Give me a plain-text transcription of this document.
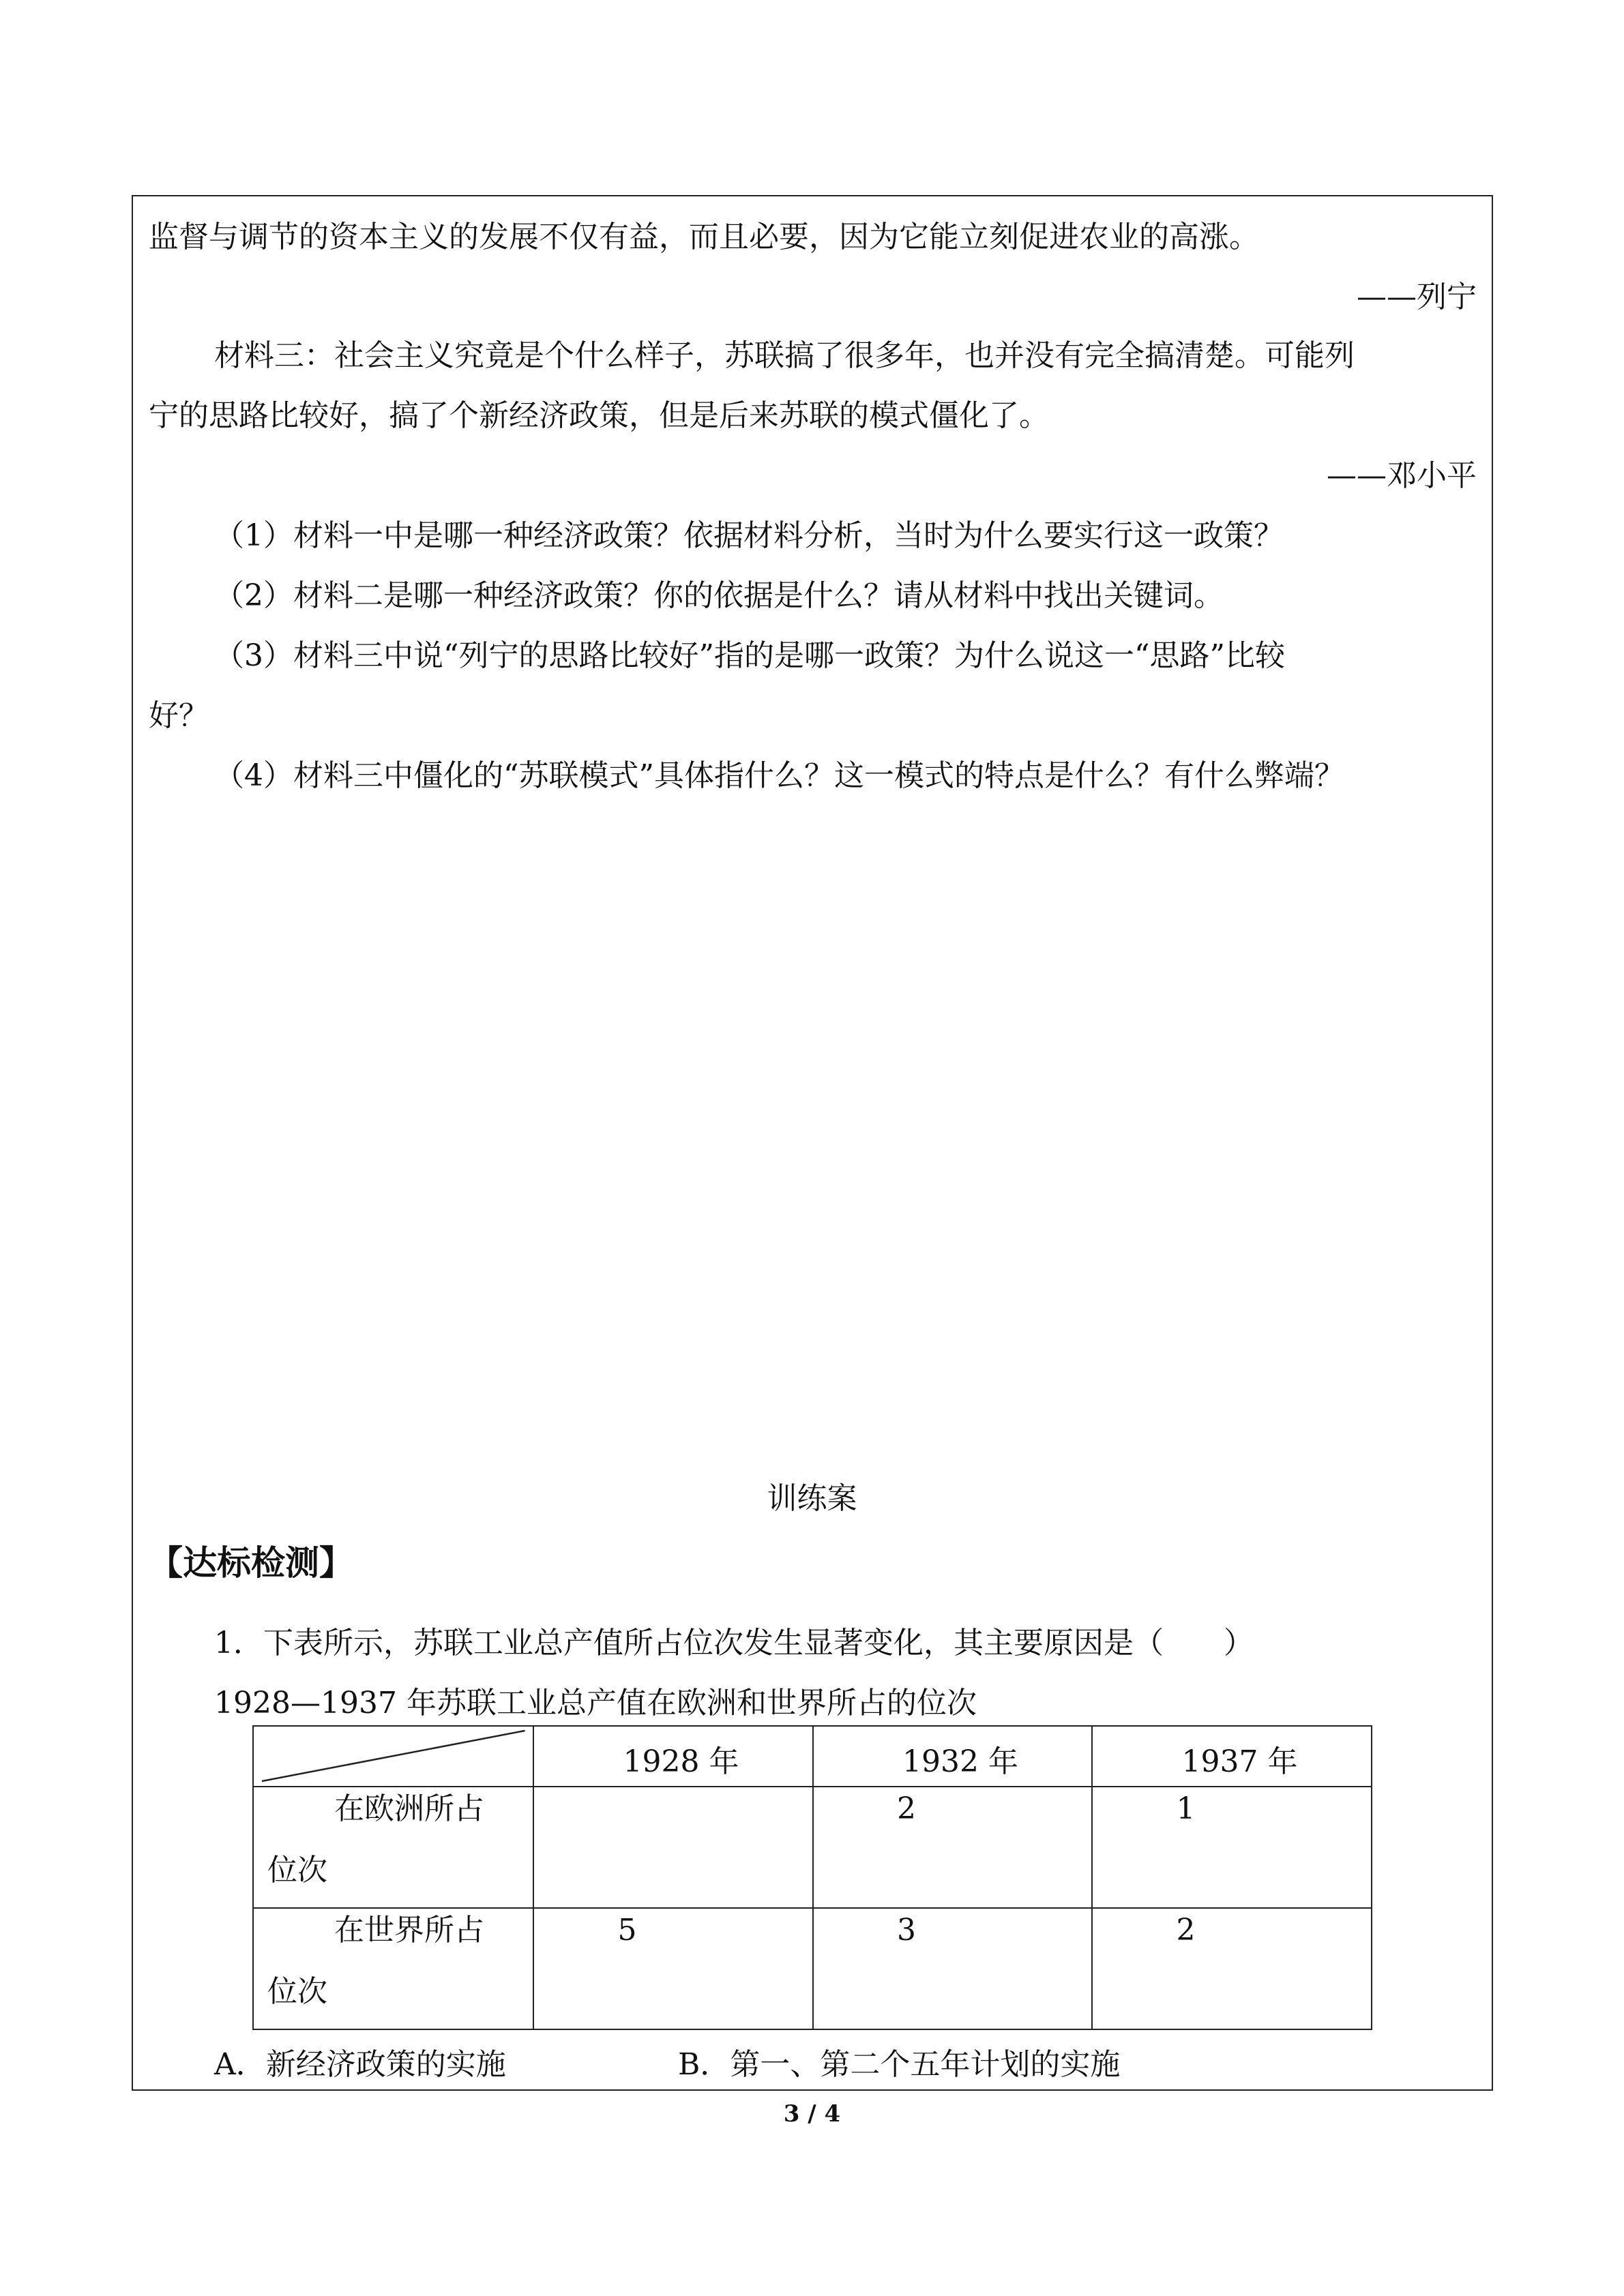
监督与调节的资本主义的发展不仅有益，而且必要，因为它能立刻促进农业的高涨。
——列宁
材料三：社会主义究竟是个什么样子，苏联搞了很多年，也并没有完全搞清楚。可能列
宁的思路比较好，搞了个新经济政策，但是后来苏联的模式僵化了。
——邓小平
（1）材料一中是哪一种经济政策？依据材料分析，当时为什么要实行这一政策？
（2）材料二是哪一种经济政策？你的依据是什么？请从材料中找出关键词。
（3）材料三中说“列宁的思路比较好”指的是哪一政策？为什么说这一“思路”比较
好？
（4）材料三中僵化的“苏联模式”具体指什么？这一模式的特点是什么？有什么弊端？
训练案
【达标检测】
1．下表所示，苏联工业总产值所占位次发生显著变化，其主要原因是（　　）
1928—1937 年苏联工业总产值在欧洲和世界所占的位次

1928 年	1932 年	1937 年

在欧洲所占
位次		2	1

在世界所占
位次	5	3	2
A．新经济政策的实施	B．第一、第二个五年计划的实施
3 / 4
